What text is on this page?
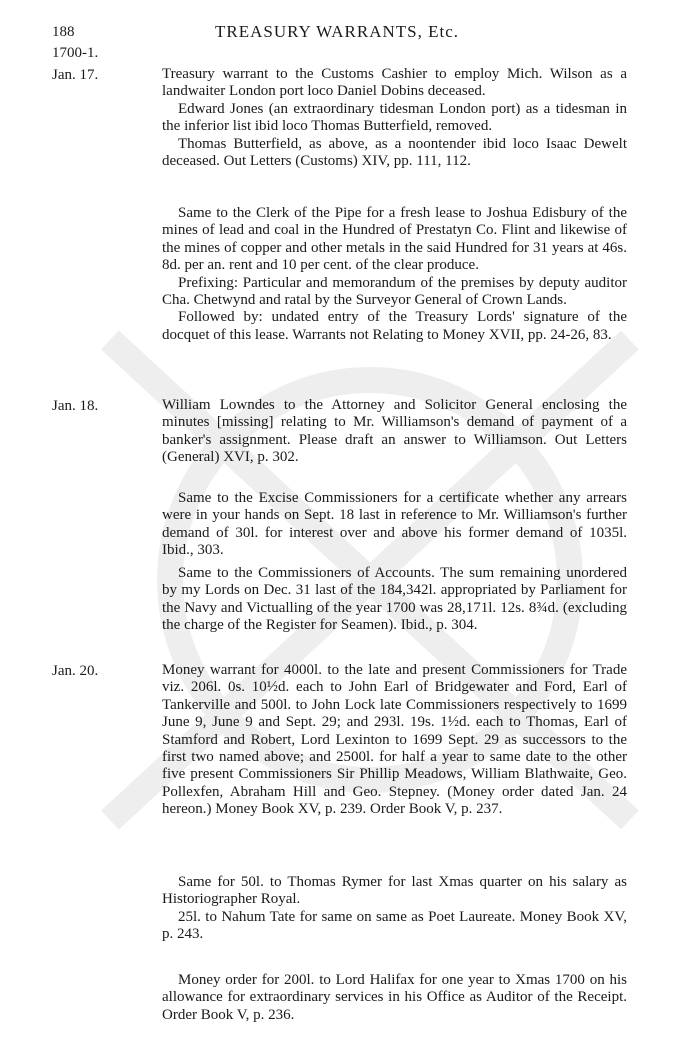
188	TREASURY WARRANTS, Etc.
1700-1.
Jan. 17.	Treasury warrant to the Customs Cashier to employ Mich. Wilson as a landwaiter London port loco Daniel Dobins deceased.

Edward Jones (an extraordinary tidesman London port) as a tidesman in the inferior list ibid loco Thomas Butterfield, removed.

Thomas Butterfield, as above, as a noontender ibid loco Isaac Dewelt deceased. Out Letters (Customs) XIV, pp. 111, 112.

Same to the Clerk of the Pipe for a fresh lease to Joshua Edisbury of the mines of lead and coal in the Hundred of Prestatyn Co. Flint and likewise of the mines of copper and other metals in the said Hundred for 31 years at 46s. 8d. per an. rent and 10 per cent. of the clear produce.

Prefixing: Particular and memorandum of the premises by deputy auditor Cha. Chetwynd and ratal by the Surveyor General of Crown Lands.

Followed by: undated entry of the Treasury Lords' signature of the docquet of this lease. Warrants not Relating to Money XVII, pp. 24-26, 83.

Jan. 18.	William Lowndes to the Attorney and Solicitor General enclosing the minutes [missing] relating to Mr. Williamson's demand of payment of a banker's assignment. Please draft an answer to Williamson. Out Letters (General) XVI, p. 302.

Same to the Excise Commissioners for a certificate whether any arrears were in your hands on Sept. 18 last in reference to Mr. Williamson's further demand of 30l. for interest over and above his former demand of 1035l. Ibid., 303.

Same to the Commissioners of Accounts. The sum remaining unordered by my Lords on Dec. 31 last of the 184,342l. appropriated by Parliament for the Navy and Victualling of the year 1700 was 28,171l. 12s. 8¾d. (excluding the charge of the Register for Seamen). Ibid., p. 304.

Jan. 20.	Money warrant for 4000l. to the late and present Commissioners for Trade viz. 206l. 0s. 10½d. each to John Earl of Bridgewater and Ford, Earl of Tankerville and 500l. to John Lock late Commissioners respectively to 1699 June 9, June 9 and Sept. 29; and 293l. 19s. 1½d. each to Thomas, Earl of Stamford and Robert, Lord Lexinton to 1699 Sept. 29 as successors to the first two named above; and 2500l. for half a year to same date to the other five present Commissioners Sir Phillip Meadows, William Blathwaite, Geo. Pollexfen, Abraham Hill and Geo. Stepney. (Money order dated Jan. 24 hereon.) Money Book XV, p. 239. Order Book V, p. 237.

Same for 50l. to Thomas Rymer for last Xmas quarter on his salary as Historiographer Royal.

25l. to Nahum Tate for same on same as Poet Laureate. Money Book XV, p. 243.

Money order for 200l. to Lord Halifax for one year to Xmas 1700 on his allowance for extraordinary services in his Office as Auditor of the Receipt. Order Book V, p. 236.
